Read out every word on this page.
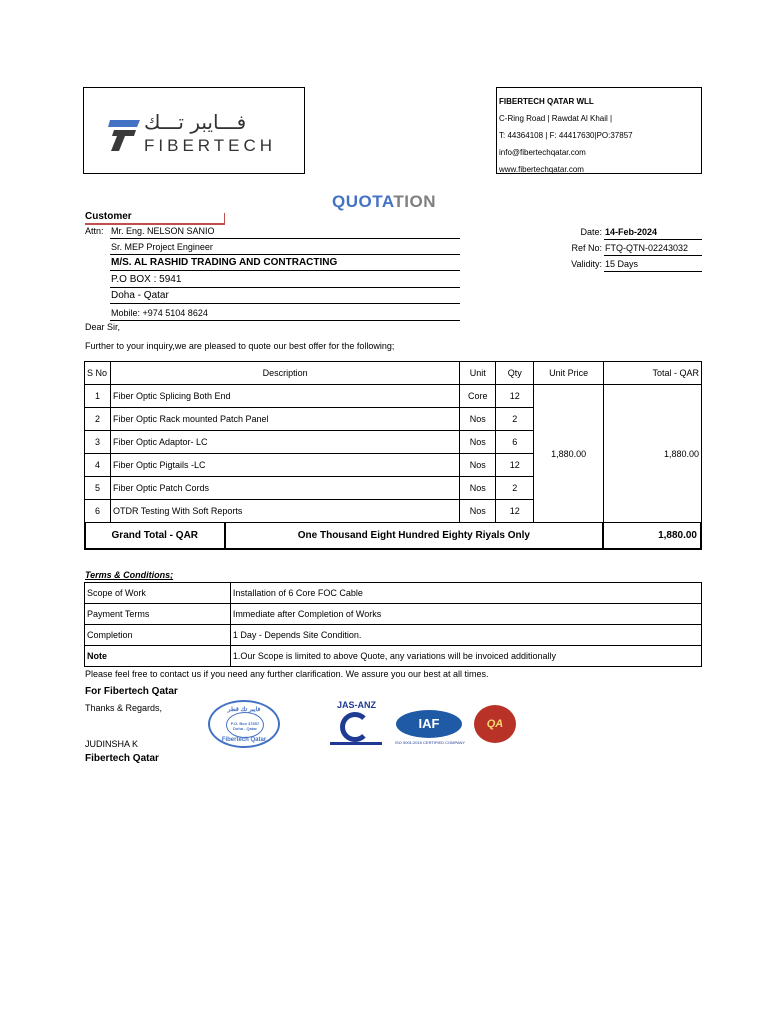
فـــايبر تـــك
FIBERTECH
FIBERTECH QATAR WLL
C-Ring Road | Rawdat Al Khail |
T: 44364108 | F: 44417630|PO:37857
info@fibertechqatar.com
www.fibertechqatar.com
QUOTATION
Customer
Attn: Mr. Eng. NELSON SANIO
Sr. MEP Project Engineer
M/S. AL RASHID TRADING AND CONTRACTING
P.O BOX : 5941
Doha - Qatar
Mobile: +974 5104 8624
Date: 14-Feb-2024
Ref No: FTQ-QTN-02243032
Validity: 15 Days
Dear Sir,
Further to your inquiry,we are pleased to quote our best offer for the following;
S No	Description	Unit	Qty	Unit Price	Total - QAR
1	Fiber Optic Splicing Both End	Core	12	1,880.00	1,880.00
2	Fiber Optic Rack mounted Patch Panel	Nos	2		
3	Fiber Optic Adaptor- LC	Nos	6		
4	Fiber Optic Pigtails -LC	Nos	12		
5	Fiber Optic Patch Cords	Nos	2		
6	OTDR Testing With Soft Reports	Nos	12		
Grand Total - QAR	One Thousand Eight Hundred Eighty Riyals Only	1,880.00
Terms & Conditions;
Scope of Work	Installation of 6 Core FOC Cable
Payment Terms	Immediate after Completion of Works
Completion	1 Day - Depends Site Condition.
Note	1.Our Scope is limited to above Quote, any variations will be invoiced additionally
Please feel free to contact us if you need any further clarification. We assure you our best at all times.
For Fibertech Qatar
Thanks & Regards,
JUDINSHA K
Fibertech Qatar
فايبر تك قطر
P.O. Box 37857 Doha - Qatar
Fibertech Qatar
JAS-ANZ
IAF
ISO 9001:2015 CERTIFIED COMPANY
QA
